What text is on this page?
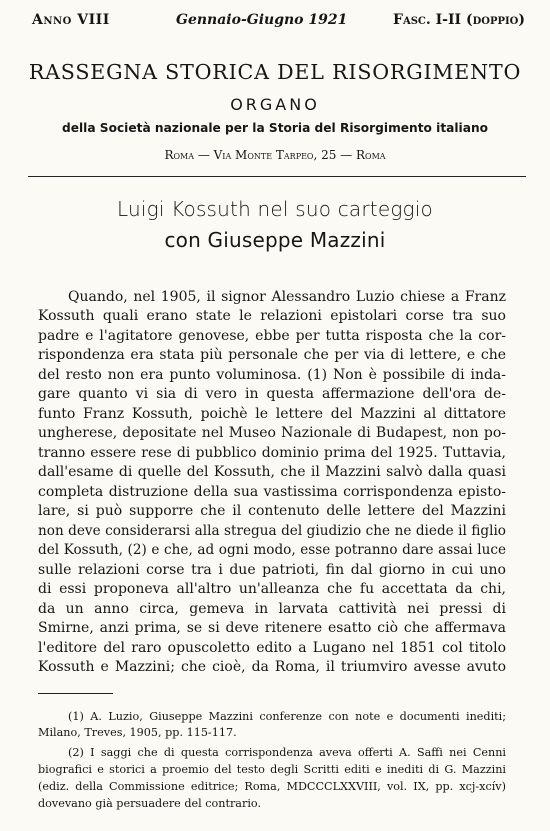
Anno VIII	Gennaio-Giugno 1921	Fasc. I-II (doppio)
RASSEGNA STORICA DEL RISORGIMENTO
ORGANO
della Società nazionale per la Storia del Risorgimento italiano
Roma — Via Monte Tarpeo, 25 — Roma
Luigi Kossuth nel suo carteggio
con Giuseppe Mazzini
Quando, nel 1905, il signor Alessandro Luzio chiese a Franz
Kossuth quali erano state le relazioni epistolari corse tra suo
padre e l'agitatore genovese, ebbe per tutta risposta che la cor-
rispondenza era stata più personale che per via di lettere, e che
del resto non era punto voluminosa. (1) Non è possibile di inda-
gare quanto vi sia di vero in questa affermazione dell'ora de-
funto Franz Kossuth, poichè le lettere del Mazzini al dittatore
ungherese, depositate nel Museo Nazionale di Budapest, non po-
tranno essere rese di pubblico dominio prima del 1925. Tuttavia,
dall'esame di quelle del Kossuth, che il Mazzini salvò dalla quasi
completa distruzione della sua vastissima corrispondenza episto-
lare, si può supporre che il contenuto delle lettere del Mazzini
non deve considerarsi alla stregua del giudizio che ne diede il figlio
del Kossuth, (2) e che, ad ogni modo, esse potranno dare assai luce
sulle relazioni corse tra i due patrioti, fin dal giorno in cui uno
di essi proponeva all'altro un'alleanza che fu accettata da chi,
da un anno circa, gemeva in larvata cattività nei pressi di
Smirne, anzi prima, se si deve ritenere esatto ciò che affermava
l'editore del raro opuscoletto edito a Lugano nel 1851 col titolo
Kossuth e Mazzini; che cioè, da Roma, il triumviro avesse avuto
(1) A. Luzio, Giuseppe Mazzini conferenze con note e documenti inediti;
Milano, Treves, 1905, pp. 115-117.
(2) I saggi che di questa corrispondenza aveva offerti A. Saffi nei Cenni
biografici e storici a proemio del testo degli Scritti editi e inediti di G. Mazzini
(ediz. della Commissione editrice; Roma, MDCCCLXXVIII, vol. IX, pp. xcj-xcív)
dovevano già persuadere del contrario.
